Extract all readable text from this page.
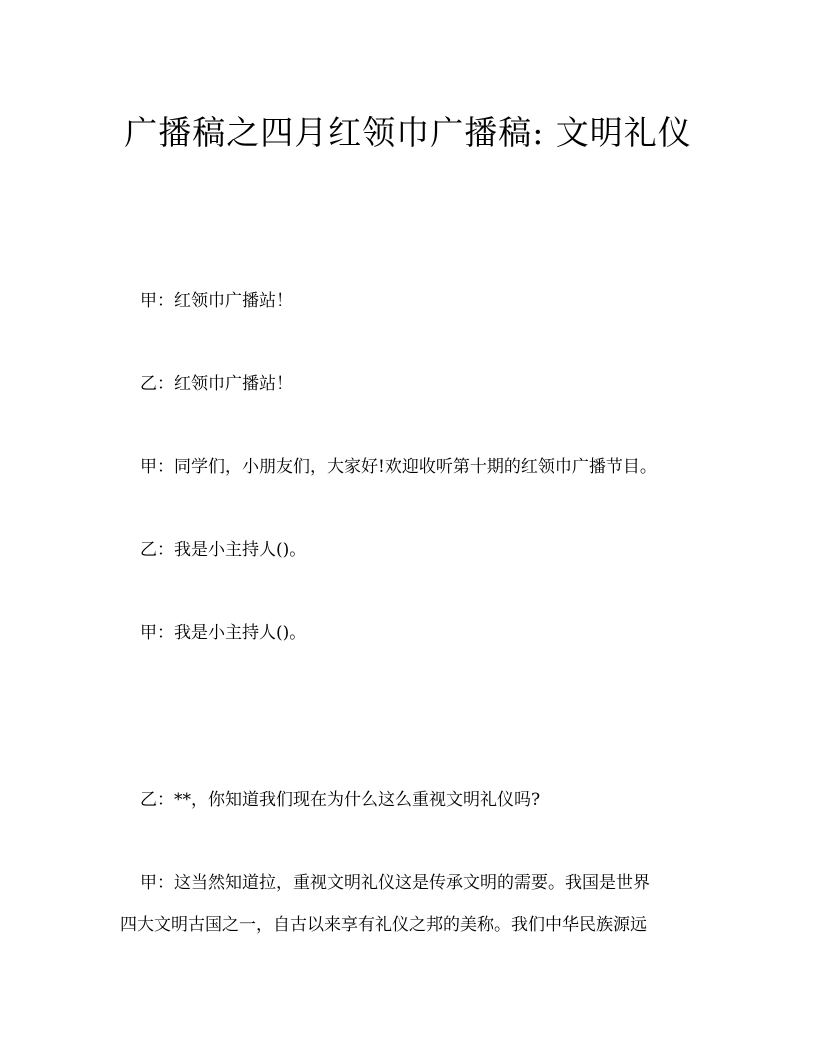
广播稿之四月红领巾广播稿: 文明礼仪

甲：红领巾广播站！

乙：红领巾广播站！

甲：同学们，小朋友们，大家好!欢迎收听第十期的红领巾广播节目。

乙：我是小主持人()。

甲：我是小主持人()。

乙：**，你知道我们现在为什么这么重视文明礼仪吗?

甲：这当然知道拉，重视文明礼仪这是传承文明的需要。我国是世界

四大文明古国之一，自古以来享有礼仪之邦的美称。我们中华民族源远
